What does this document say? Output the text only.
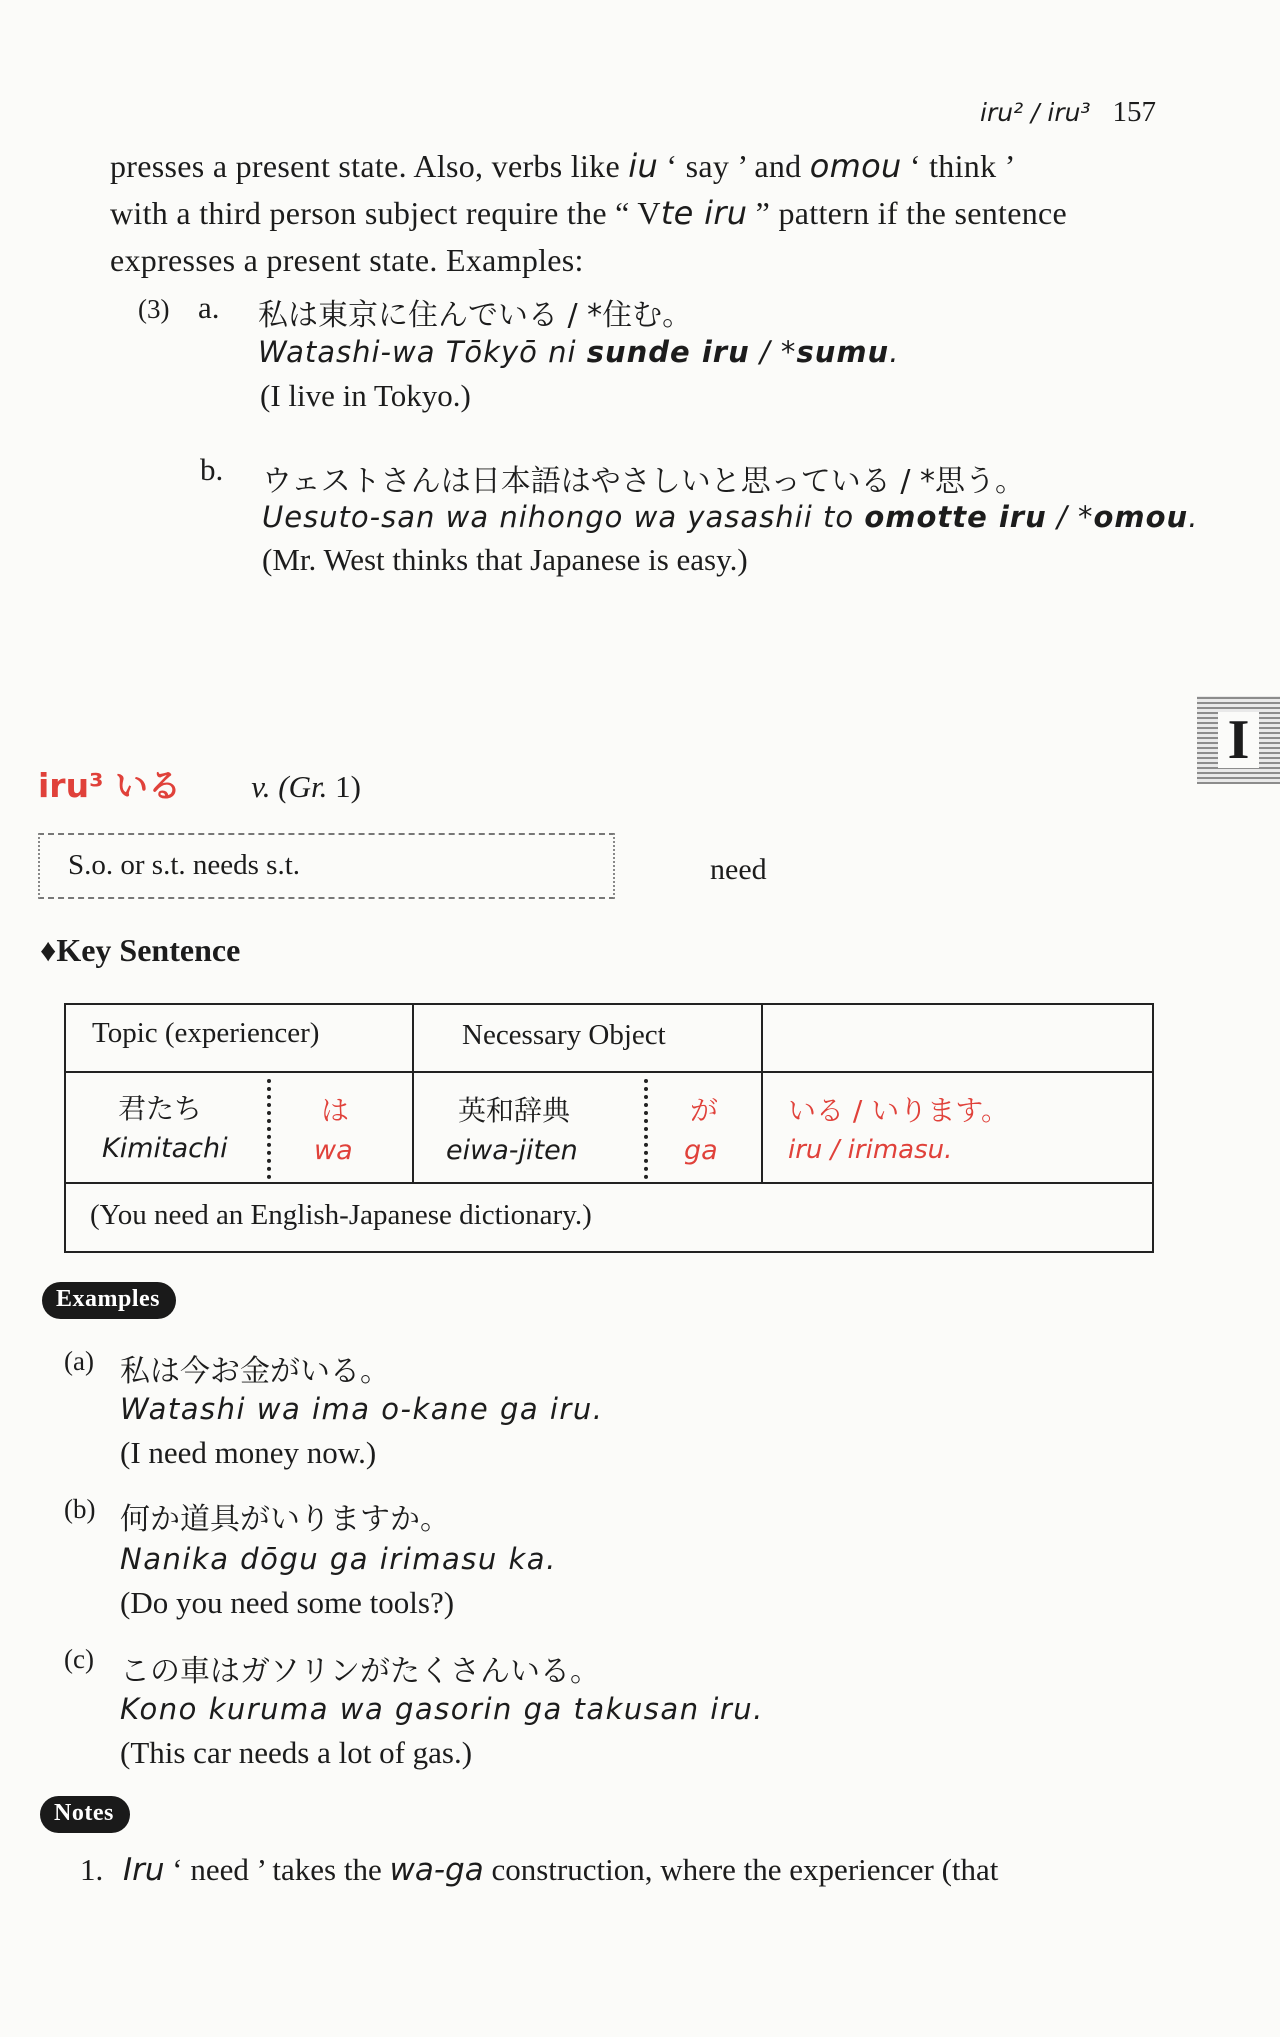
iru² / iru³ 157
presses a present state. Also, verbs like iu ‘ say ’ and omou ‘ think ’
with a third person subject require the “ Vte iru ” pattern if the sentence
expresses a present state. Examples:
(3) a. 私は東京に住んでいる / *住む。
Watashi-wa Tōkyō ni sunde iru / *sumu.
(I live in Tokyo.)
b. ウェストさんは日本語はやさしいと思っている / *思う。
Uesuto-san wa nihongo wa yasashii to omotte iru / *omou.
(Mr. West thinks that Japanese is easy.)
I
iru³ いる v. (Gr. 1)
S.o. or s.t. needs s.t.	need
♦Key Sentence
Topic (experiencer)	Necessary Object
君たち
Kimitachi
は
wa
英和辞典
eiwa-jiten
が
ga
いる / いります。
iru / irimasu.
(You need an English-Japanese dictionary.)
Examples
(a) 私は今お金がいる。
Watashi wa ima o-kane ga iru.
(I need money now.)
(b) 何か道具がいりますか。
Nanika dōgu ga irimasu ka.
(Do you need some tools?)
(c) この車はガソリンがたくさんいる。
Kono kuruma wa gasorin ga takusan iru.
(This car needs a lot of gas.)
Notes
1. Iru ‘ need ’ takes the wa-ga construction, where the experiencer (that
